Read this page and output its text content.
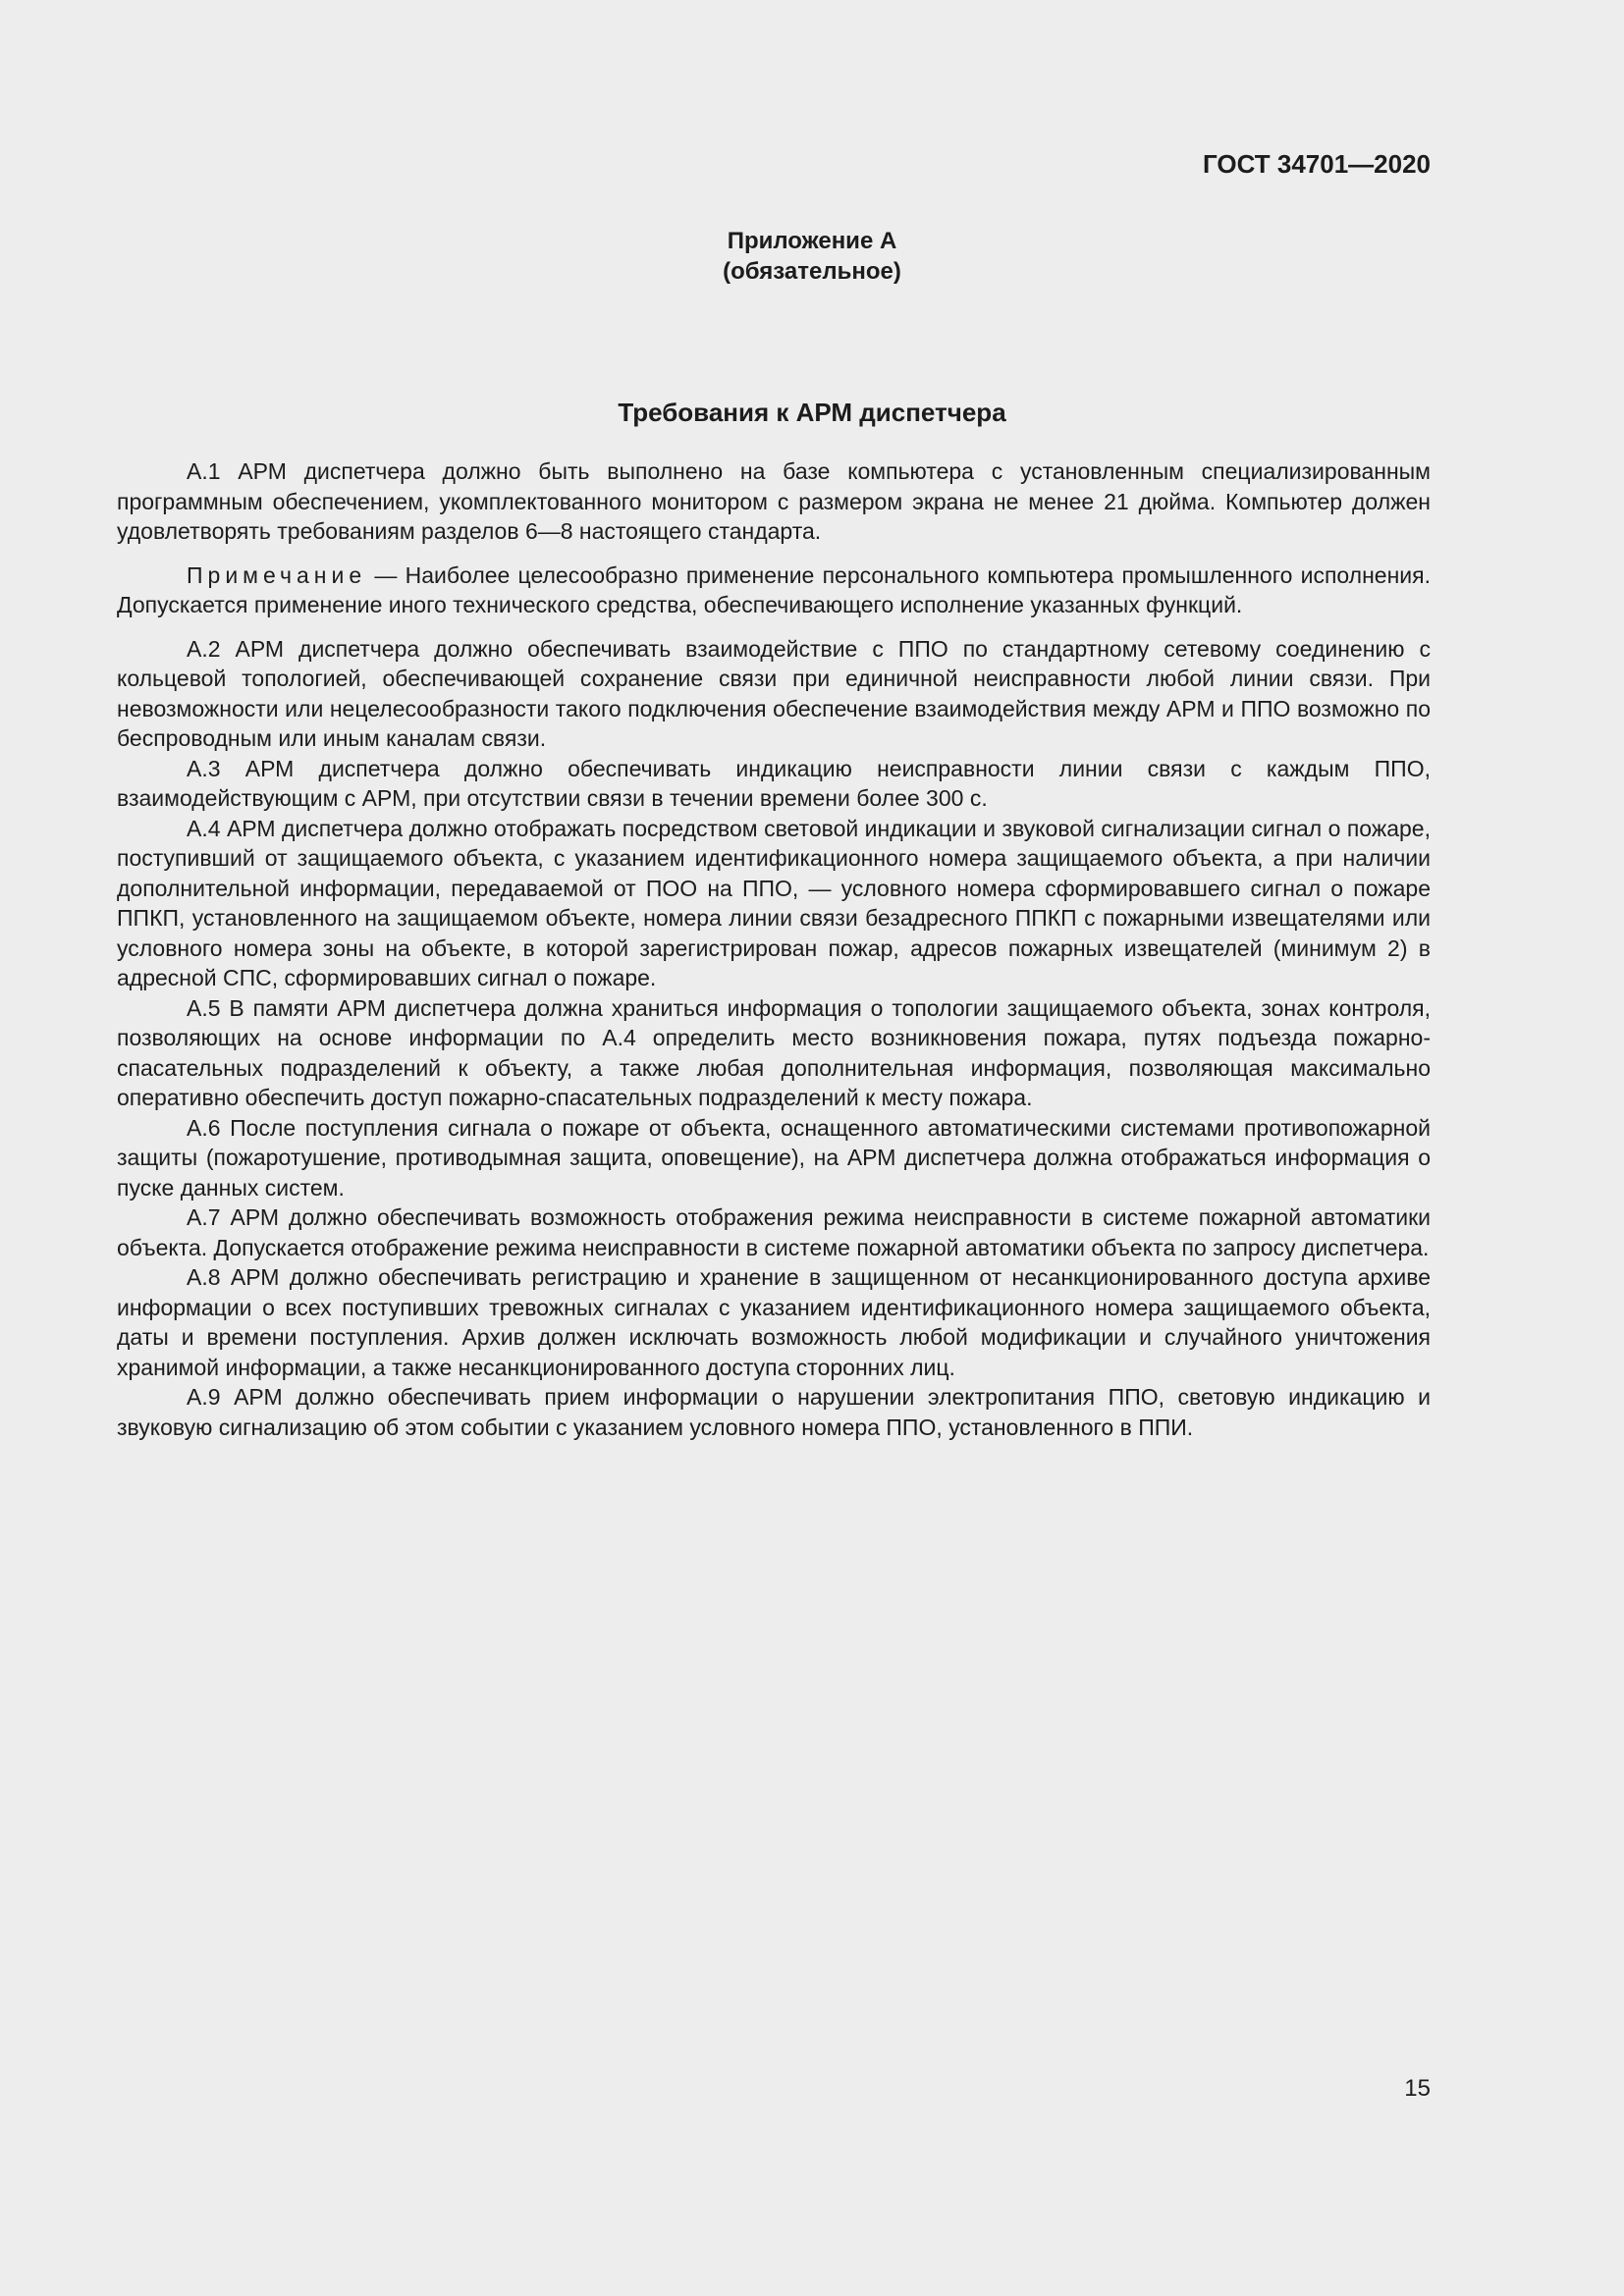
ГОСТ 34701—2020
Приложение А
(обязательное)
Требования к АРМ диспетчера

А.1 АРМ диспетчера должно быть выполнено на базе компьютера с установленным специализированным программным обеспечением, укомплектованного монитором с размером экрана не менее 21 дюйма. Компьютер должен удовлетворять требованиям разделов 6—8 настоящего стандарта.

Примечание — Наиболее целесообразно применение персонального компьютера промышленного исполнения. Допускается применение иного технического средства, обеспечивающего исполнение указанных функций.

А.2 АРМ диспетчера должно обеспечивать взаимодействие с ППО по стандартному сетевому соединению с кольцевой топологией, обеспечивающей сохранение связи при единичной неисправности любой линии связи. При невозможности или нецелесообразности такого подключения обеспечение взаимодействия между АРМ и ППО возможно по беспроводным или иным каналам связи.

А.3 АРМ диспетчера должно обеспечивать индикацию неисправности линии связи с каждым ППО, взаимодействующим с АРМ, при отсутствии связи в течении времени более 300 с.

А.4 АРМ диспетчера должно отображать посредством световой индикации и звуковой сигнализации сигнал о пожаре, поступивший от защищаемого объекта, с указанием идентификационного номера защищаемого объекта, а при наличии дополнительной информации, передаваемой от ПОО на ППО, — условного номера сформировавшего сигнал о пожаре ППКП, установленного на защищаемом объекте, номера линии связи безадресного ППКП с пожарными извещателями или условного номера зоны на объекте, в которой зарегистрирован пожар, адресов пожарных извещателей (минимум 2) в адресной СПС, сформировавших сигнал о пожаре.

А.5 В памяти АРМ диспетчера должна храниться информация о топологии защищаемого объекта, зонах контроля, позволяющих на основе информации по А.4 определить место возникновения пожара, путях подъезда пожарно-спасательных подразделений к объекту, а также любая дополнительная информация, позволяющая максимально оперативно обеспечить доступ пожарно-спасательных подразделений к месту пожара.

А.6 После поступления сигнала о пожаре от объекта, оснащенного автоматическими системами противопожарной защиты (пожаротушение, противодымная защита, оповещение), на АРМ диспетчера должна отображаться информация о пуске данных систем.

А.7 АРМ должно обеспечивать возможность отображения режима неисправности в системе пожарной автоматики объекта. Допускается отображение режима неисправности в системе пожарной автоматики объекта по запросу диспетчера.

А.8 АРМ должно обеспечивать регистрацию и хранение в защищенном от несанкционированного доступа архиве информации о всех поступивших тревожных сигналах с указанием идентификационного номера защищаемого объекта, даты и времени поступления. Архив должен исключать возможность любой модификации и случайного уничтожения хранимой информации, а также несанкционированного доступа сторонних лиц.

А.9 АРМ должно обеспечивать прием информации о нарушении электропитания ППО, световую индикацию и звуковую сигнализацию об этом событии с указанием условного номера ППО, установленного в ППИ.

15
